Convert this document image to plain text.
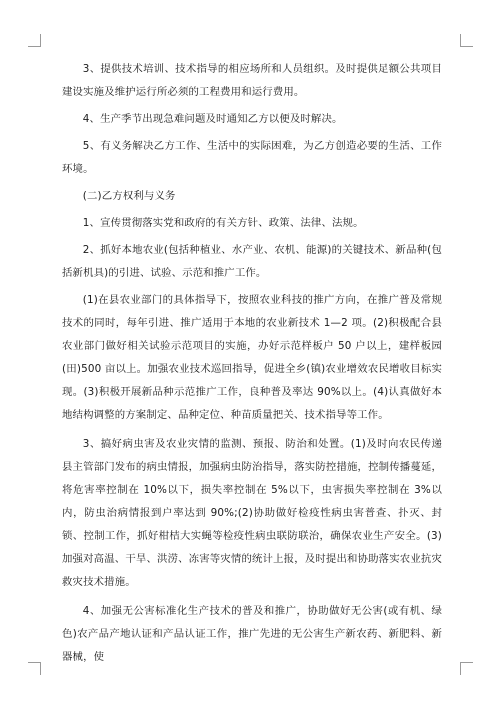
3、提供技术培训、技术指导的相应场所和人员组织。及时提供足额公共项目建设实施及维护运行所必须的工程费用和运行费用。

4、生产季节出现急难问题及时通知乙方以便及时解决。

5、有义务解决乙方工作、生活中的实际困难，为乙方创造必要的生活、工作环境。

(二)乙方权利与义务

1、宣传贯彻落实党和政府的有关方针、政策、法律、法规。

2、抓好本地农业(包括种植业、水产业、农机、能源)的关键技术、新品种(包括新机具)的引进、试验、示范和推广工作。

(1)在县农业部门的具体指导下，按照农业科技的推广方向，在推广普及常规技术的同时，每年引进、推广适用于本地的农业新技术 1—2 项。(2)积极配合县农业部门做好相关试验示范项目的实施，办好示范样板户 50 户以上，建样板园(田)500 亩以上。加强农业技术巡回指导，促进全乡(镇)农业增效农民增收目标实现。(3)积极开展新品种示范推广工作，良种普及率达 90%以上。(4)认真做好本地结构调整的方案制定、品种定位、种苗质量把关、技术指导等工作。

3、搞好病虫害及农业灾情的监测、预报、防治和处置。(1)及时向农民传递县主管部门发布的病虫情报，加强病虫防治指导，落实防控措施，控制传播蔓延，将危害率控制在 10%以下，损失率控制在 5%以下，虫害损失率控制在 3%以内，防虫治病情报到户率达到 90%;(2)协助做好检疫性病虫害普查、扑灭、封锁、控制工作，抓好柑桔大实蝇等检疫性病虫联防联治，确保农业生产安全。(3)加强对高温、干旱、洪涝、冻害等灾情的统计上报，及时提出和协助落实农业抗灾救灾技术措施。

4、加强无公害标准化生产技术的普及和推广，协助做好无公害(或有机、绿色)农产品产地认证和产品认证工作，推广先进的无公害生产新农药、新肥料、新器械，使
